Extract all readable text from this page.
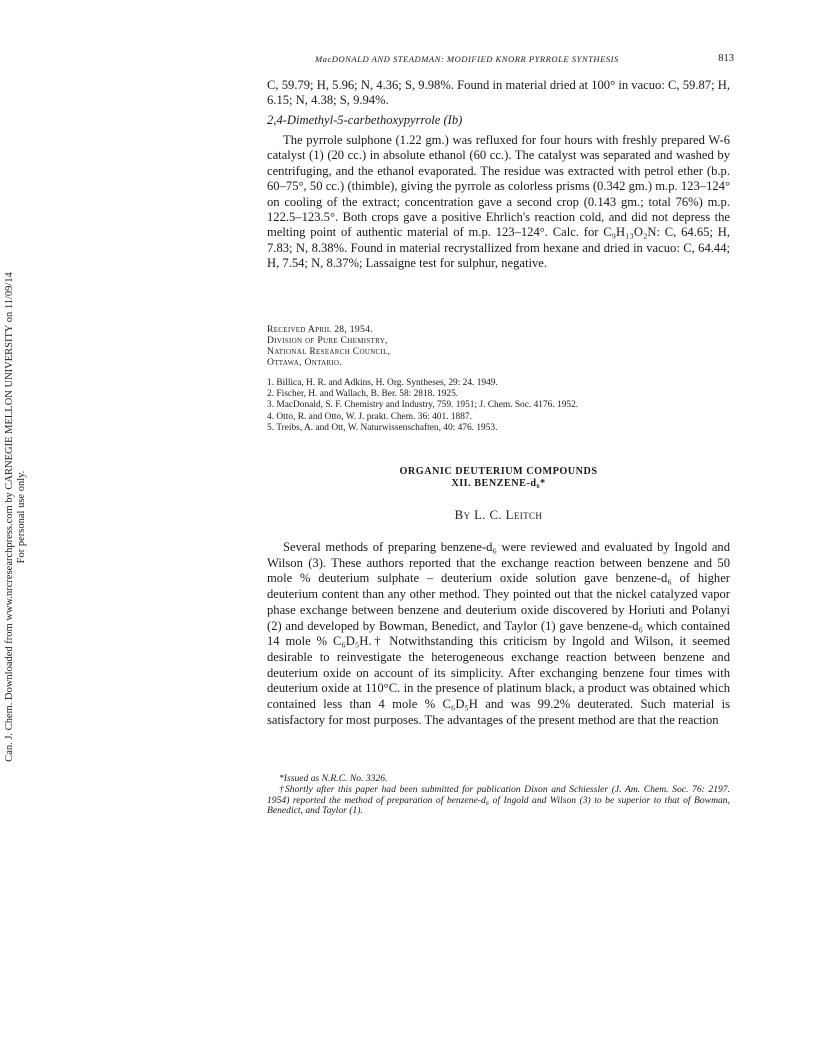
Can. J. Chem. Downloaded from www.nrcresearchpress.com by CARNEGIE MELLON UNIVERSITY on 11/09/14 For personal use only.
MacDONALD AND STEADMAN: MODIFIED KNORR PYRROLE SYNTHESIS	813
C, 59.79; H, 5.96; N, 4.36; S, 9.98%. Found in material dried at 100° in vacuo: C, 59.87; H, 6.15; N, 4.38; S, 9.94%.
2,4-Dimethyl-5-carbethoxypyrrole (Ib)
The pyrrole sulphone (1.22 gm.) was refluxed for four hours with freshly prepared W-6 catalyst (1) (20 cc.) in absolute ethanol (60 cc.). The catalyst was separated and washed by centrifuging, and the ethanol evaporated. The residue was extracted with petrol ether (b.p. 60–75°, 50 cc.) (thimble), giving the pyrrole as colorless prisms (0.342 gm.) m.p. 123–124° on cooling of the extract; concentration gave a second crop (0.143 gm.; total 76%) m.p. 122.5–123.5°. Both crops gave a positive Ehrlich's reaction cold, and did not depress the melting point of authentic material of m.p. 123–124°. Calc. for C₉H₁₃O₂N: C, 64.65; H, 7.83; N, 8.38%. Found in material recrystallized from hexane and dried in vacuo: C, 64.44; H, 7.54; N, 8.37%; Lassaigne test for sulphur, negative.
Received April 28, 1954.
Division of Pure Chemistry,
National Research Council,
Ottawa, Ontario.
1. Billica, H. R. and Adkins, H. Org. Syntheses, 29: 24. 1949.
2. Fischer, H. and Wallach, B. Ber. 58: 2818. 1925.
3. MacDonald, S. F. Chemistry and Industry, 759. 1951; J. Chem. Soc. 4176. 1952.
4. Otto, R. and Otto, W. J. prakt. Chem. 36: 401. 1887.
5. Treibs, A. and Ott, W. Naturwissenschaften, 40: 476. 1953.
ORGANIC DEUTERIUM COMPOUNDS
XII. BENZENE-d₆*
By L. C. Leitch
Several methods of preparing benzene-d₆ were reviewed and evaluated by Ingold and Wilson (3). These authors reported that the exchange reaction between benzene and 50 mole % deuterium sulphate – deuterium oxide solution gave benzene-d₆ of higher deuterium content than any other method. They pointed out that the nickel catalyzed vapor phase exchange between benzene and deuterium oxide discovered by Horiuti and Polanyi (2) and developed by Bowman, Benedict, and Taylor (1) gave benzene-d₆ which contained 14 mole % C₆D₅H.† Notwithstanding this criticism by Ingold and Wilson, it seemed desirable to reinvestigate the heterogeneous exchange reaction between benzene and deuterium oxide on account of its simplicity. After exchanging benzene four times with deuterium oxide at 110°C. in the presence of platinum black, a product was obtained which contained less than 4 mole % C₆D₅H and was 99.2% deuterated. Such material is satisfactory for most purposes. The advantages of the present method are that the reaction
*Issued as N.R.C. No. 3326.
†Shortly after this paper had been submitted for publication Dixon and Schiessler (J. Am. Chem. Soc. 76: 2197. 1954) reported the method of preparation of benzene-d₆ of Ingold and Wilson (3) to be superior to that of Bowman, Benedict, and Taylor (1).
